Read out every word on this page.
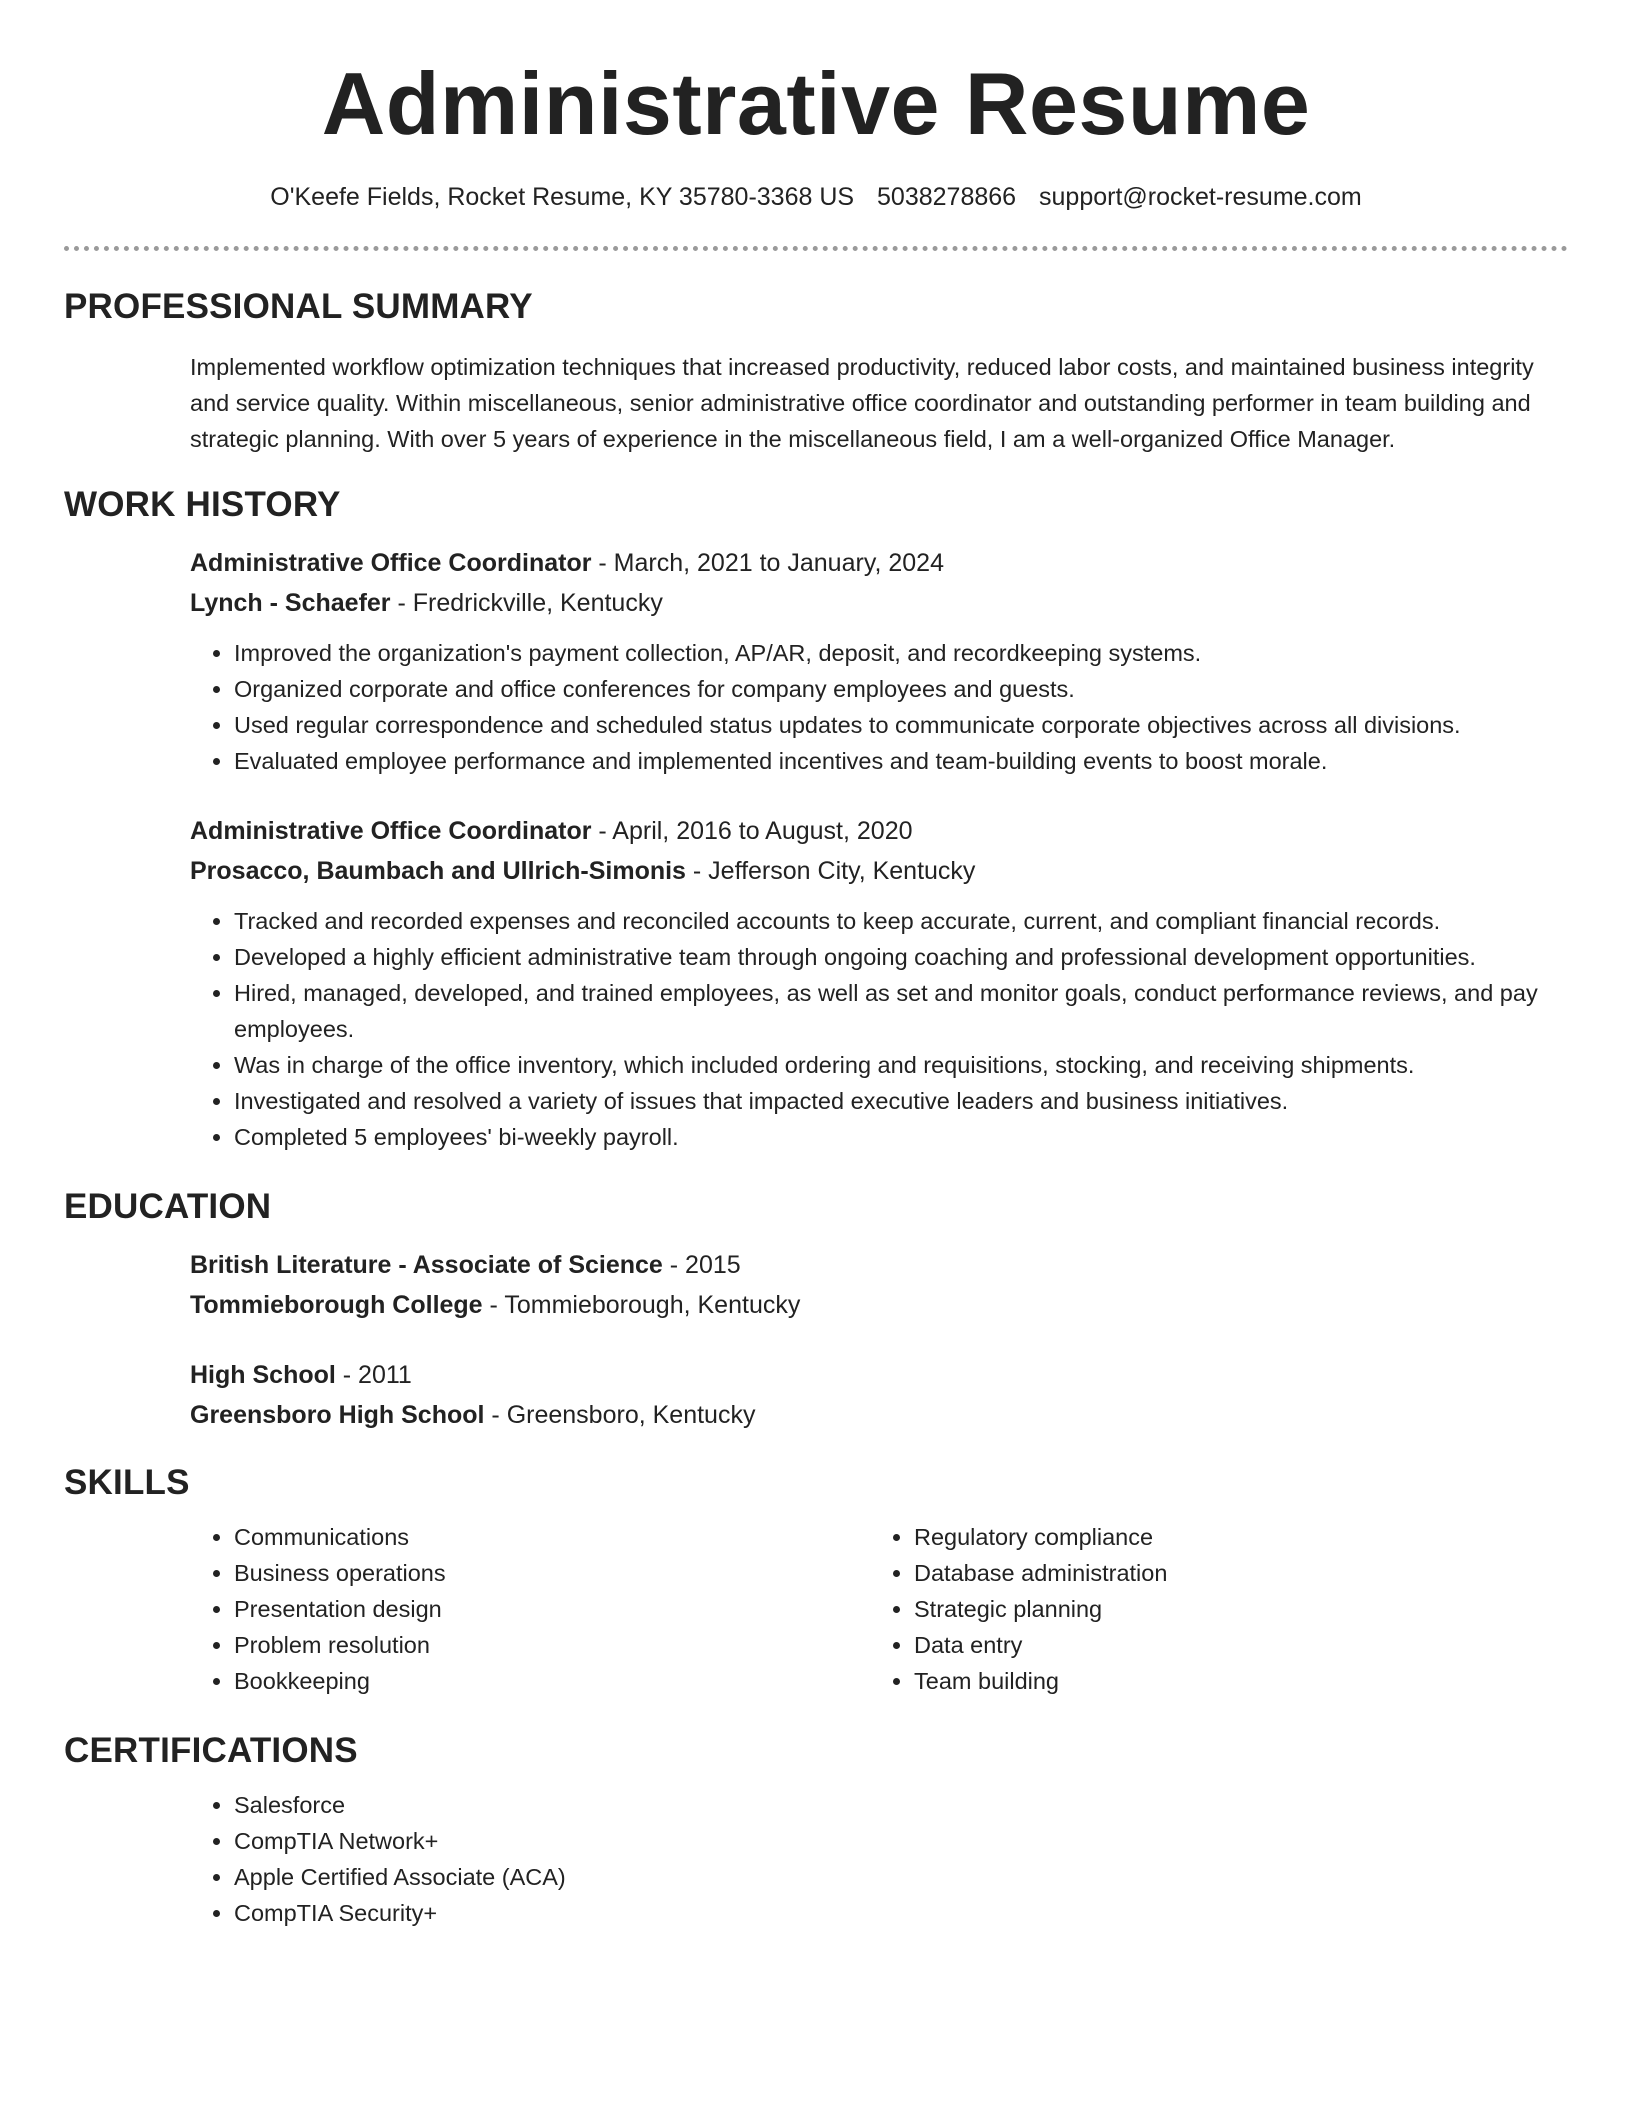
Administrative Resume
O'Keefe Fields, Rocket Resume, KY 35780-3368 US 5038278866 support@rocket-resume.com
PROFESSIONAL SUMMARY

Implemented workflow optimization techniques that increased productivity, reduced labor costs, and maintained business integrity and service quality. Within miscellaneous, senior administrative office coordinator and outstanding performer in team building and strategic planning. With over 5 years of experience in the miscellaneous field, I am a well-organized Office Manager.

WORK HISTORY

Administrative Office Coordinator - March, 2021 to January, 2024

Lynch - Schaefer - Fredrickville, Kentucky

• Improved the organization's payment collection, AP/AR, deposit, and recordkeeping systems.
• Organized corporate and office conferences for company employees and guests.
• Used regular correspondence and scheduled status updates to communicate corporate objectives across all divisions.
• Evaluated employee performance and implemented incentives and team-building events to boost morale.

Administrative Office Coordinator - April, 2016 to August, 2020

Prosacco, Baumbach and Ullrich-Simonis - Jefferson City, Kentucky

• Tracked and recorded expenses and reconciled accounts to keep accurate, current, and compliant financial records.
• Developed a highly efficient administrative team through ongoing coaching and professional development opportunities.
• Hired, managed, developed, and trained employees, as well as set and monitor goals, conduct performance reviews, and pay employees.
• Was in charge of the office inventory, which included ordering and requisitions, stocking, and receiving shipments.
• Investigated and resolved a variety of issues that impacted executive leaders and business initiatives.
• Completed 5 employees' bi-weekly payroll.
EDUCATION

British Literature - Associate of Science - 2015

Tommieborough College - Tommieborough, Kentucky

High School - 2011

Greensboro High School - Greensboro, Kentucky

SKILLS
• Communications
• Business operations
• Presentation design
• Problem resolution
• Bookkeeping
• Regulatory compliance
• Database administration
• Strategic planning
• Data entry
• Team building
CERTIFICATIONS
• Salesforce
• CompTIA Network+
• Apple Certified Associate (ACA)
• CompTIA Security+
